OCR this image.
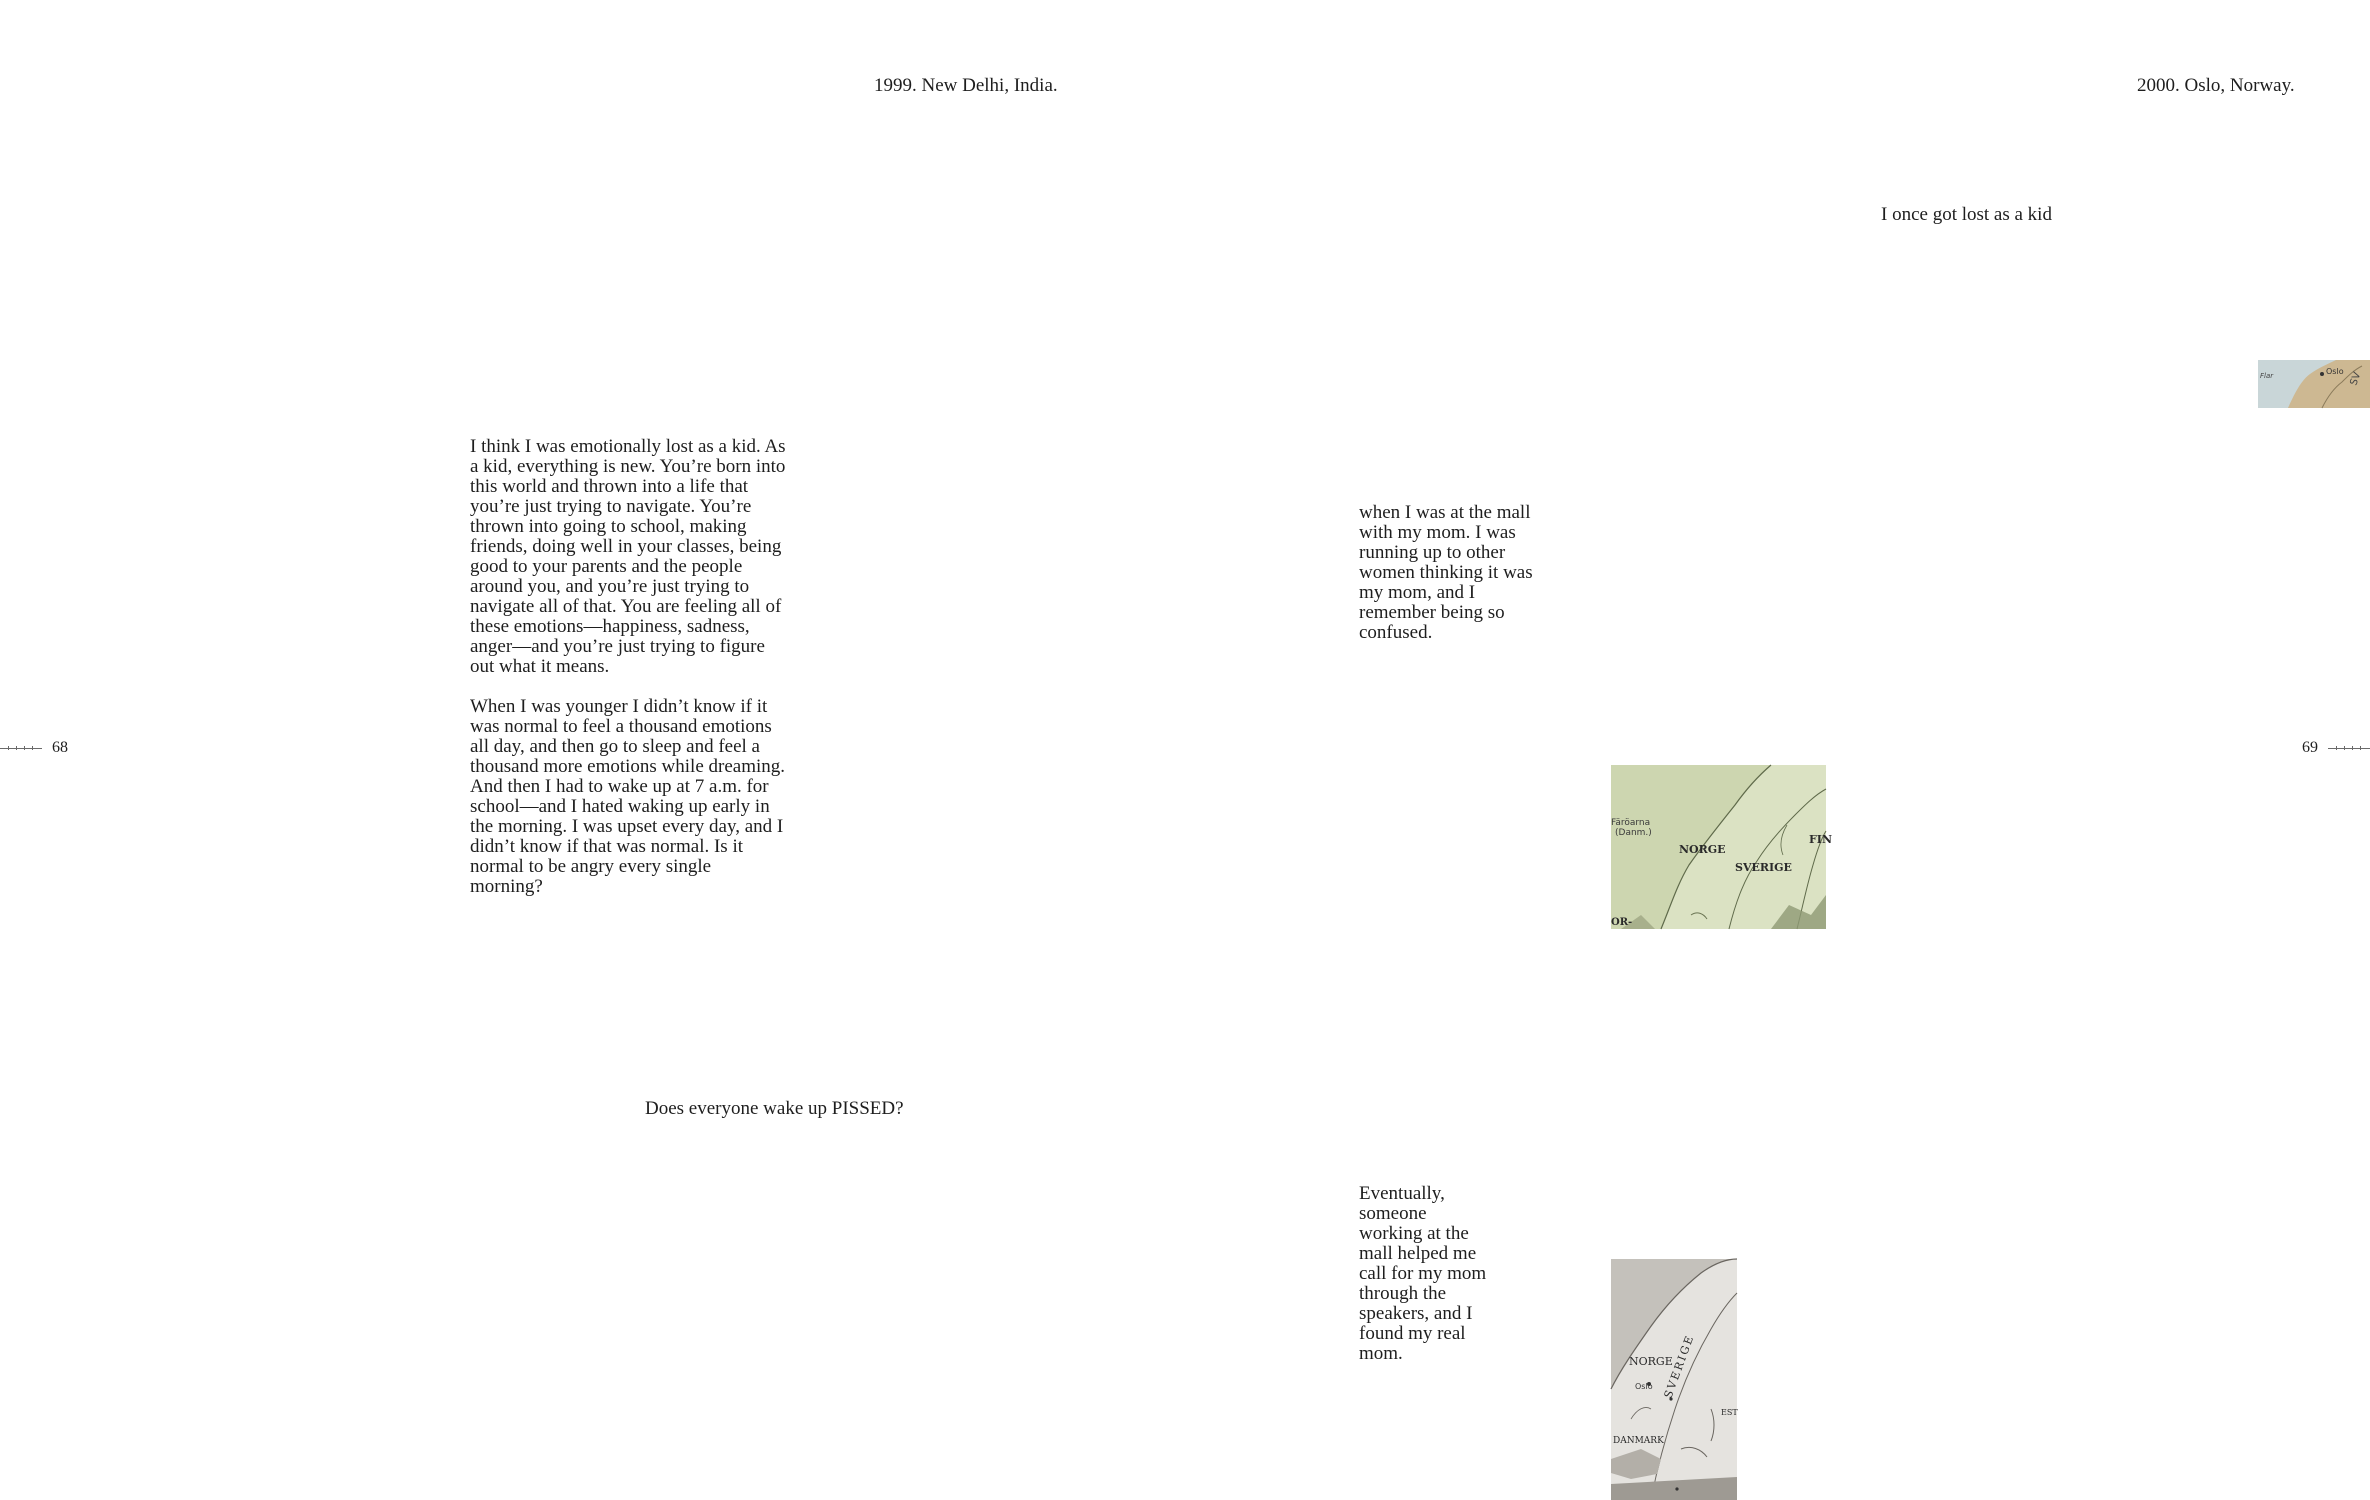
1999. New Delhi, India.

I think I was emotionally lost as a kid. As a kid, everything is new. You’re born into this world and thrown into a life that you’re just trying to navigate. You’re thrown into going to school, making friends, doing well in your classes, being good to your parents and the people around you, and you’re just trying to navigate all of that. You are feeling all of these emotions—happiness, sadness, anger—and you’re just trying to figure out what it means.

When I was younger I didn’t know if it was normal to feel a thousand emotions all day, and then go to sleep and feel a thousand more emotions while dreaming. And then I had to wake up at 7 a.m. for school—and I hated waking up early in the morning. I was upset every day, and I didn’t know if that was normal. Is it normal to be angry every single morning?

Does everyone wake up PISSED?
68
2000. Oslo, Norway.
I once got lost as a kid
when I was at the mall with my mom. I was running up to other women thinking it was my mom, and I remember being so confused.
Eventually, someone working at the mall helped me call for my mom through the speakers, and I found my real mom.
69
Oslo
Flar	SV
Färöarna
(Danm.)
NORGE
SVERIGE
FIN
OR-
NORGE
SVERIGE
Oslo
DANMARK
EST
